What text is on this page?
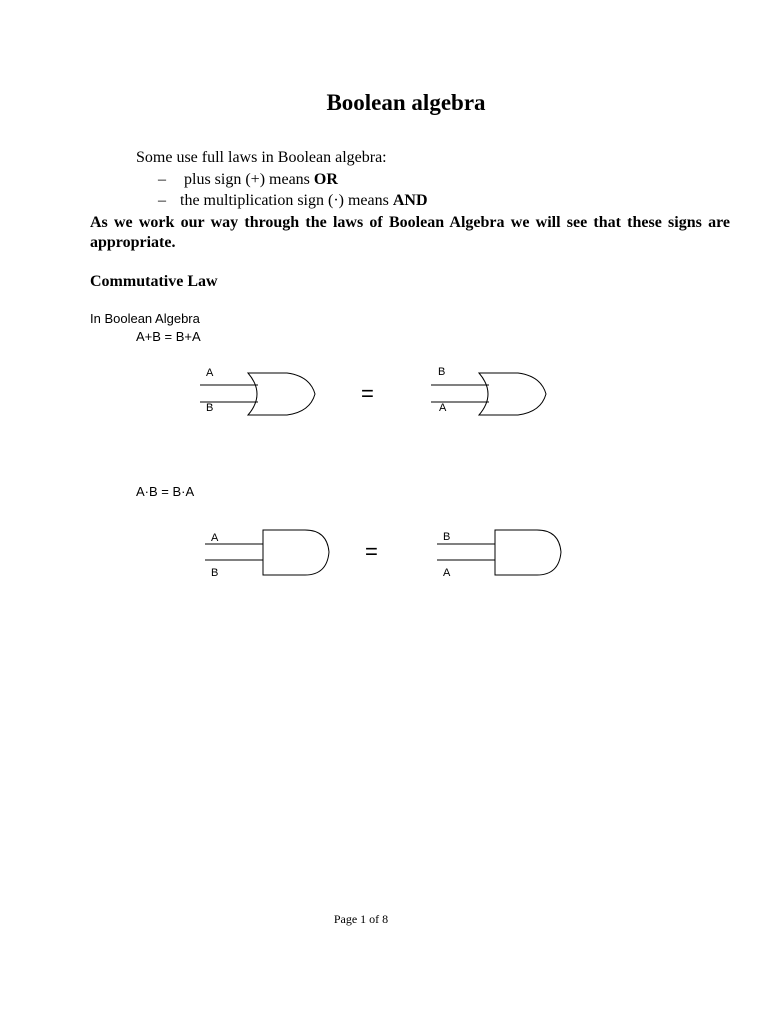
Boolean algebra
Some use full laws in Boolean algebra:
– plus sign (+) means OR
– the multiplication sign (·) means AND
As we work our way through the laws of Boolean Algebra we will see that these signs are
appropriate.
Commutative Law
In Boolean Algebra
A+B = B+A
A
B
=
B
A
A·B = B·A
A
B
=
B
A
Page 1 of 8
